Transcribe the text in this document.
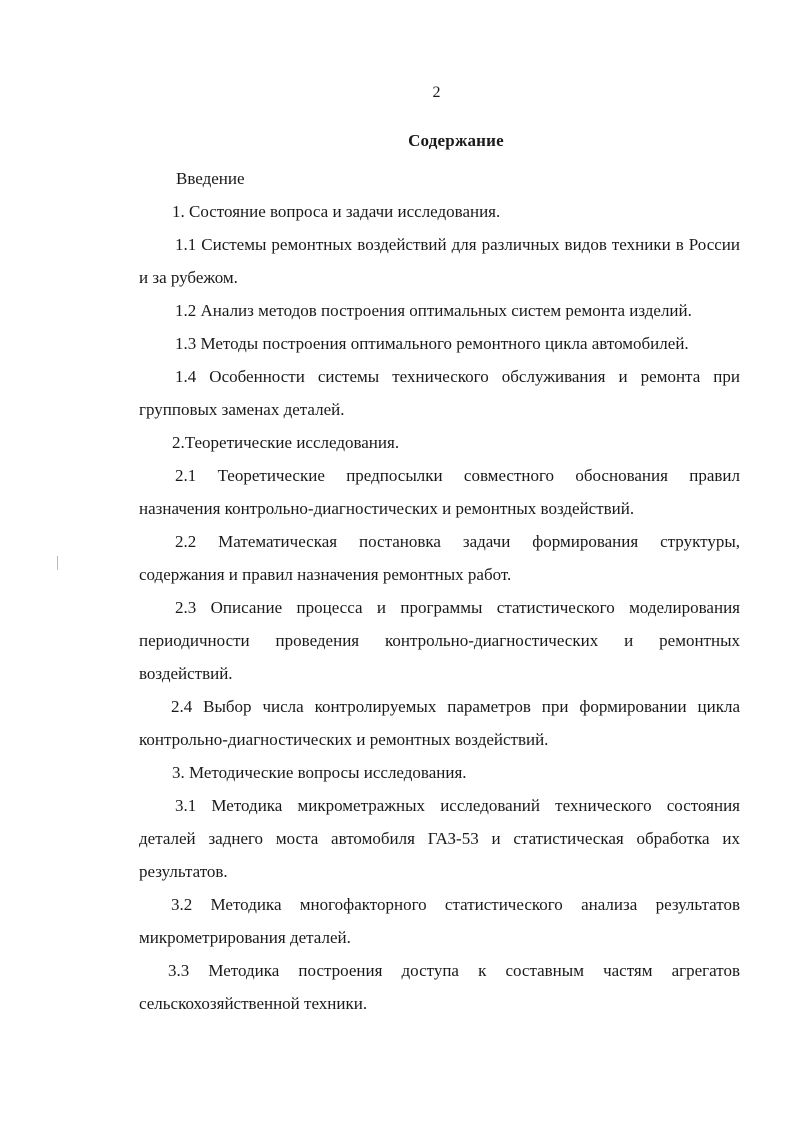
2
Содержание

Введение

1. Состояние вопроса и задачи исследования.

1.1 Системы ремонтных воздействий для различных видов техники в России и за рубежом.

1.2 Анализ методов построения оптимальных систем ремонта изделий.

1.3 Методы построения оптимального ремонтного цикла автомобилей.

1.4 Особенности системы технического обслуживания и ремонта при групповых заменах деталей.

2.Теоретические исследования.

2.1 Теоретические предпосылки совместного обоснования правил назначения контрольно-диагностических и ремонтных воздействий.

2.2 Математическая постановка задачи формирования структуры, содержания и правил назначения ремонтных работ.

2.3 Описание процесса и программы статистического моделирования периодичности проведения контрольно-диагностических и ремонтных воздействий.

2.4 Выбор числа контролируемых параметров при формировании цикла контрольно-диагностических и ремонтных воздействий.

3. Методические вопросы исследования.

3.1 Методика микрометражных исследований технического состояния деталей заднего моста автомобиля ГАЗ-53 и статистическая обработка их результатов.

3.2 Методика многофакторного статистического анализа результатов микрометрирования деталей.

3.3 Методика построения доступа к составным частям агрегатов сельскохозяйственной техники.
